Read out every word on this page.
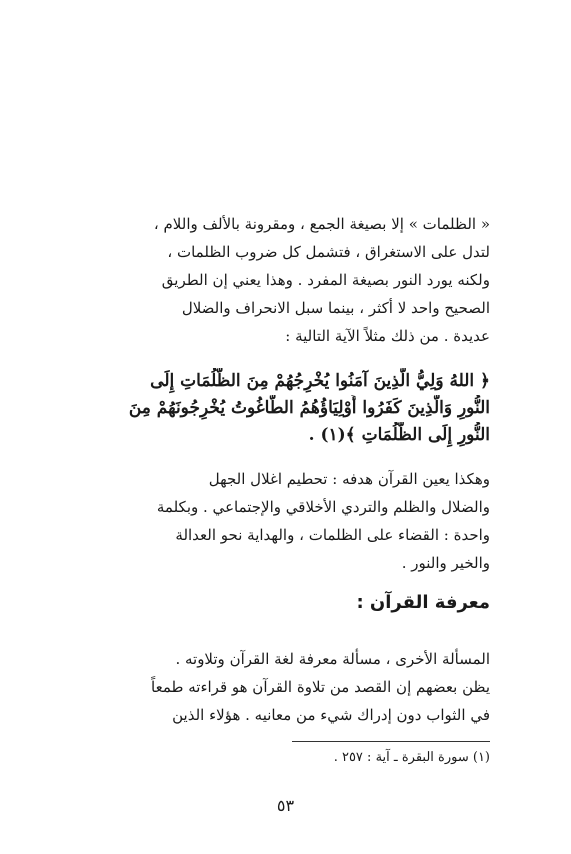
« الظلمات » إلا بصيغة الجمع ، ومقرونة بالألف واللام ،
لتدل على الاستغراق ، فتشمل كل ضروب الظلمات ،
ولكنه يورد النور بصيغة المفرد . وهذا يعني إن الطريق
الصحيح واحد لا أكثر ، بينما سبل الانحراف والضلال
عديدة . من ذلك مثلاً الآية التالية :
﴿ اللهُ وَلِيُّ الَّذِينَ آمَنُوا يُخْرِجُهُمْ مِنَ الظُّلُمَاتِ إِلَى
النُّورِ وَالَّذِينَ كَفَرُوا أَوْلِيَاؤُهُمُ الطَّاغُوتُ يُخْرِجُونَهُمْ مِنَ
النُّورِ إِلَى الظُّلُمَاتِ ﴾(١) .
وهكذا يعين القرآن هدفه : تحطيم اغلال الجهل
والضلال والظلم والتردي الأخلاقي والإجتماعي . وبكلمة
واحدة : القضاء على الظلمات ، والهداية نحو العدالة
والخير والنور .
معرفة القرآن :
المسألة الأخرى ، مسألة معرفة لغة القرآن وتلاوته .
يظن بعضهم إن القصد من تلاوة القرآن هو قراءته طمعاً
في الثواب دون إدراك شيء من معانيه . هؤلاء الذين
(١) سورة البقرة ـ آية : ٢٥٧ .
٥٣
